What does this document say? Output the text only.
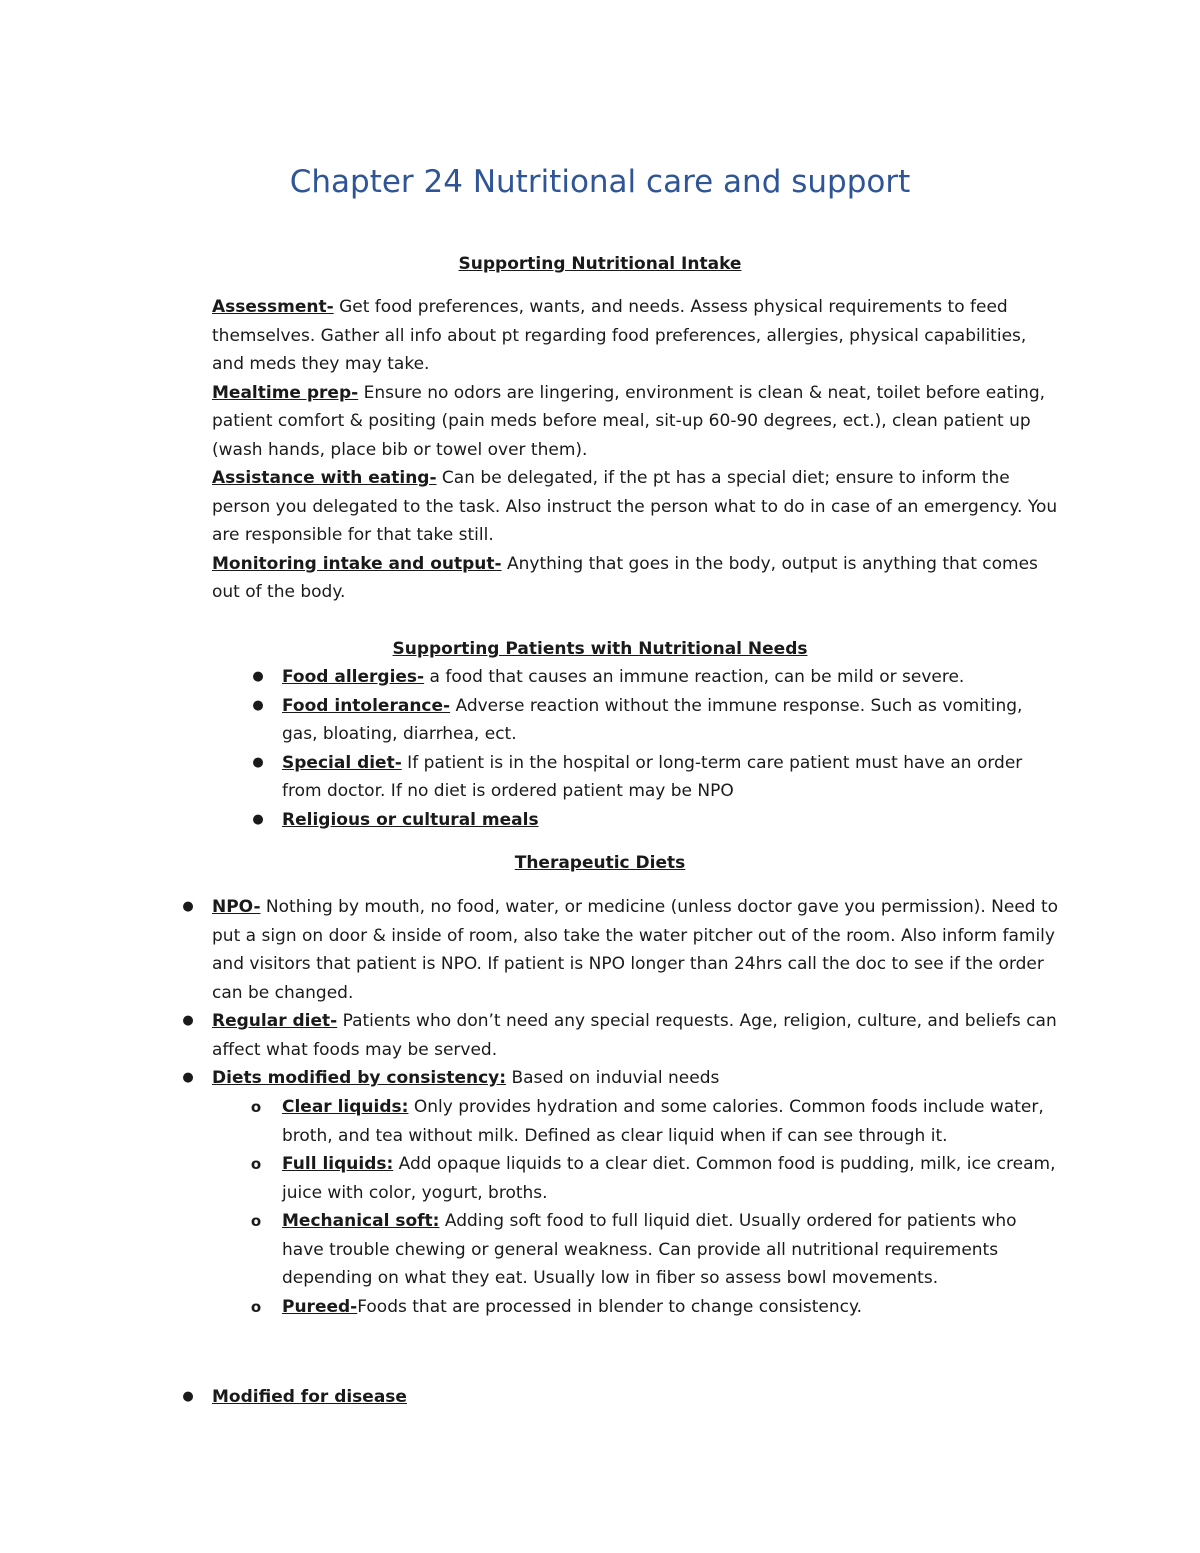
Chapter 24 Nutritional care and support
Supporting Nutritional Intake

Assessment- Get food preferences, wants, and needs. Assess physical requirements to feed themselves. Gather all info about pt regarding food preferences, allergies, physical capabilities, and meds they may take.

Mealtime prep- Ensure no odors are lingering, environment is clean & neat, toilet before eating, patient comfort & positing (pain meds before meal, sit-up 60-90 degrees, ect.), clean patient up (wash hands, place bib or towel over them).

Assistance with eating- Can be delegated, if the pt has a special diet; ensure to inform the person you delegated to the task. Also instruct the person what to do in case of an emergency. You are responsible for that take still.

Monitoring intake and output- Anything that goes in the body, output is anything that comes out of the body.

Supporting Patients with Nutritional Needs
● Food allergies- a food that causes an immune reaction, can be mild or severe.
● Food intolerance- Adverse reaction without the immune response. Such as vomiting, gas, bloating, diarrhea, ect.
● Special diet- If patient is in the hospital or long-term care patient must have an order from doctor. If no diet is ordered patient may be NPO
● Religious or cultural meals
Therapeutic Diets
● NPO- Nothing by mouth, no food, water, or medicine (unless doctor gave you permission). Need to put a sign on door & inside of room, also take the water pitcher out of the room. Also inform family and visitors that patient is NPO. If patient is NPO longer than 24hrs call the doc to see if the order can be changed.
● Regular diet- Patients who don’t need any special requests. Age, religion, culture, and beliefs can affect what foods may be served.
● Diets modified by consistency: Based on induvial needs
o Clear liquids: Only provides hydration and some calories. Common foods include water, broth, and tea without milk. Defined as clear liquid when if can see through it.
o Full liquids: Add opaque liquids to a clear diet. Common food is pudding, milk, ice cream, juice with color, yogurt, broths.
o Mechanical soft: Adding soft food to full liquid diet. Usually ordered for patients who have trouble chewing or general weakness. Can provide all nutritional requirements depending on what they eat. Usually low in fiber so assess bowl movements.
o Pureed-Foods that are processed in blender to change consistency.
● Modified for disease
